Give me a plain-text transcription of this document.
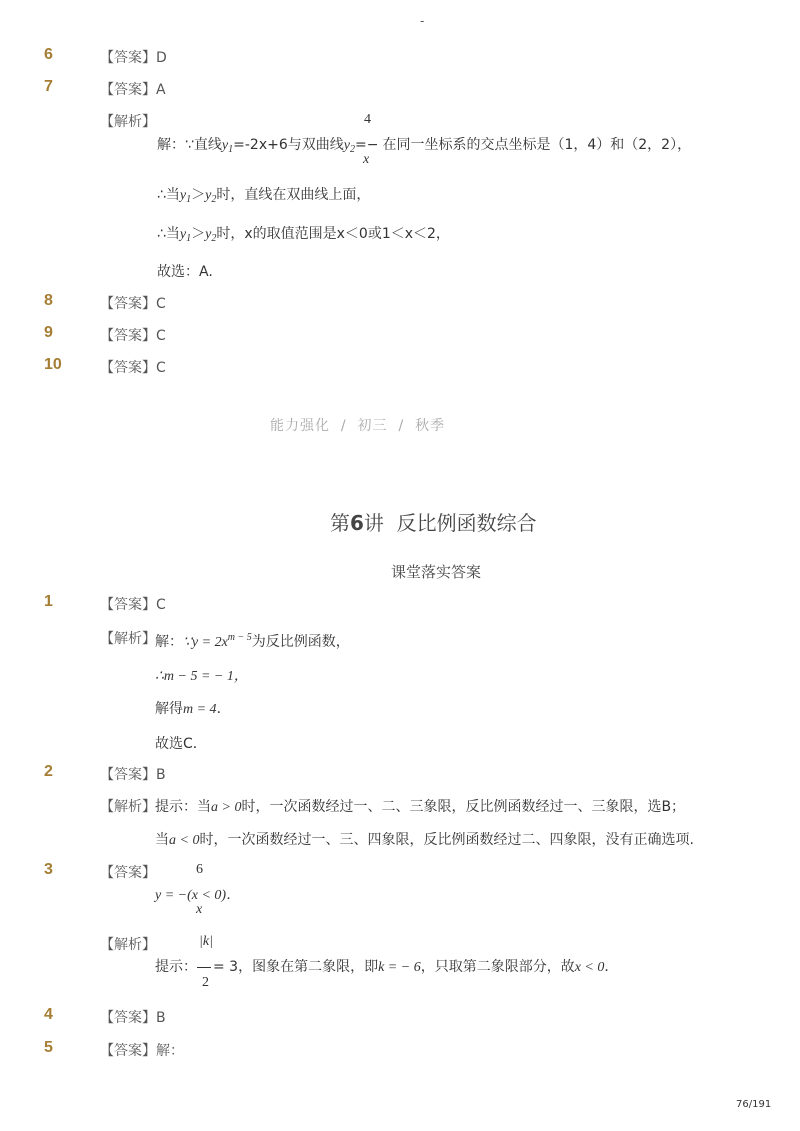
-
6	【答案】D
7	【答案】A
【解析】	4
解：∵直线$y_1=-2x+6$与双曲线$y_2=-$ 在同一坐标系的交点坐标是（1，4）和（2，2），
x
∴当$y_1>y_2$时，直线在双曲线上面，
∴当$y_1>y_2$时，x的取值范围是x＜0或1＜x＜2，
故选：A.
8	【答案】C
9	【答案】C
10	【答案】C
能力强化 / 初三 / 秋季
第6讲  反比例函数综合
课堂落实答案
1	【答案】C
【解析】 解：∵y = $2x^{m - 5}$为反比例函数，
∴m − 5 = − 1，
解得m = 4．
故选C．
2	【答案】B
【解析】 提示：当a > 0时，一次函数经过一、二、三象限，反比例函数经过一、三象限，选B；
当a < 0时，一次函数经过一、三、四象限，反比例函数经过二、四象限，没有正确选项.
3	【答案】	6
y = −(x < 0)．
x
【解析】	|k|
提示： = 3，图象在第二象限，即k = − 6，只取第二象限部分，故x < 0．
2
4	【答案】B
5	【答案】解：
76/191
